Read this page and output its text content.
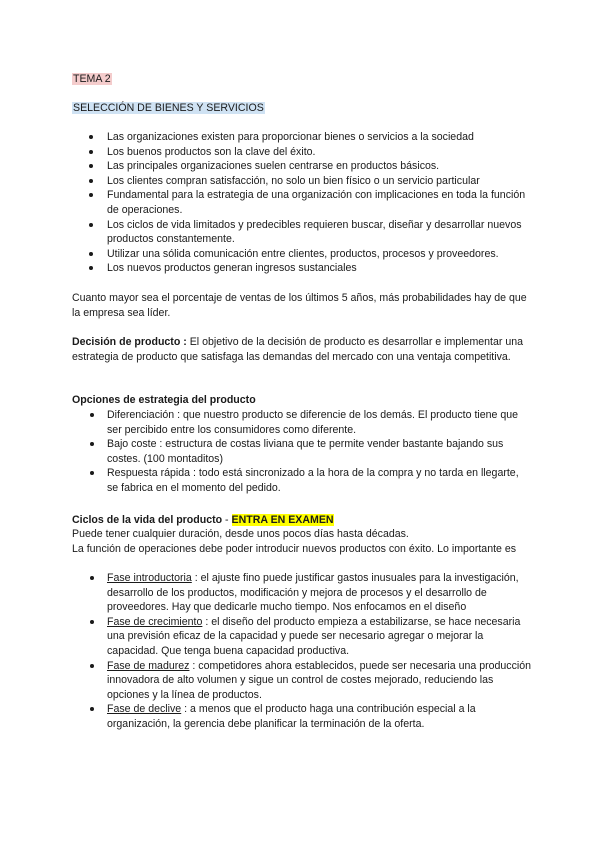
TEMA 2
SELECCIÓN DE BIENES Y SERVICIOS
Las organizaciones existen para proporcionar bienes o servicios a la sociedad
Los buenos productos son la clave del éxito.
Las principales organizaciones suelen centrarse en productos básicos.
Los clientes compran satisfacción, no solo un bien físico o un servicio particular
Fundamental para la estrategia de una organización con implicaciones en toda la función de operaciones.
Los ciclos de vida limitados y predecibles requieren buscar, diseñar y desarrollar nuevos productos constantemente.
Utilizar una sólida comunicación entre clientes, productos, procesos y proveedores.
Los nuevos productos generan ingresos sustanciales

Cuanto mayor sea el porcentaje de ventas de los últimos 5 años, más probabilidades hay de que la empresa sea líder.

Decisión de producto : El objetivo de la decisión de producto es desarrollar e implementar una estrategia de producto que satisfaga las demandas del mercado con una ventaja competitiva.

Opciones de estrategia del producto

Diferenciación : que nuestro producto se diferencie de los demás. El producto tiene que ser percibido entre los consumidores como diferente.
Bajo coste : estructura de costas liviana que te permite vender bastante bajando sus costes. (100 montaditos)
Respuesta rápida : todo está sincronizado a la hora de la compra y no tarda en llegarte, se fabrica en el momento del pedido.

Ciclos de la vida del producto - ENTRA EN EXAMEN

Puede tener cualquier duración, desde unos pocos días hasta décadas.

La función de operaciones debe poder introducir nuevos productos con éxito. Lo importante es

Fase introductoria : el ajuste fino puede justificar gastos inusuales para la investigación, desarrollo de los productos, modificación y mejora de procesos y el desarrollo de proveedores. Hay que dedicarle mucho tiempo. Nos enfocamos en el diseño
Fase de crecimiento : el diseño del producto empieza a estabilizarse, se hace necesaria una previsión eficaz de la capacidad y puede ser necesario agregar o mejorar la capacidad. Que tenga buena capacidad productiva.
Fase de madurez : competidores ahora establecidos, puede ser necesaria una producción innovadora de alto volumen y sigue un control de costes mejorado, reduciendo las opciones y la línea de productos.
Fase de declive : a menos que el producto haga una contribución especial a la organización, la gerencia debe planificar la terminación de la oferta.
